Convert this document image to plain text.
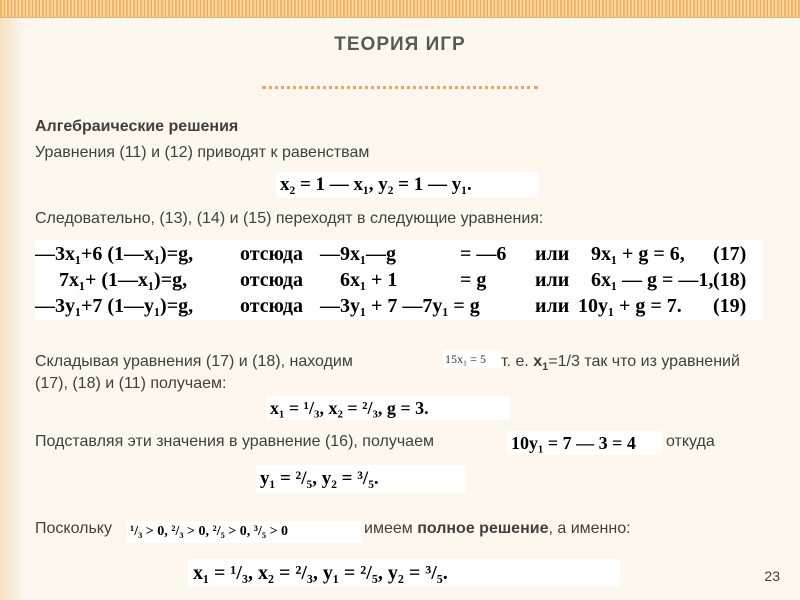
ТЕОРИЯ ИГР
Алгебраические решения
Уравнения (11) и (12) приводят к равенствам
x₂ = 1 — x₁, y₂ = 1 — y₁.
Следовательно, (13), (14) и (15) переходят в следующие уравнения:
—3x₁+6 (1—x₁)=g, отсюда —9x₁—g	= —6 или 9x₁ + g = 6, (17)
7x₁+ (1—x₁)=g,	отсюда 6x₁ + 1	= g или 6x₁ — g = —1, (18)
—3y₁+7 (1—y₁)=g, отсюда —3y₁ + 7 —7y₁ = g	или 10y₁ + g = 7. (19)
Складывая уравнения (17) и (18), находим	15x₁ = 5 т. е. $x_1=1/3$ так что из уравнений
(17), (18) и (11) получаем:
x₁ = ¹/₃, x₂ = ²/₃, g = 3.
Подставляя эти значения в уравнение (16), получаем	10y₁ = 7 — 3 = 4	откуда
y₁ = ²/₅, y₂ = ³/₅.
Поскольку ¹/₃ > 0, ²/₃ > 0, ²/₅ > 0, ³/₅ > 0	имеем полное решение, а именно:
x₁ = ¹/₃, x₂ = ²/₃, y₁ = ²/₅, y₂ = ³/₅.	23
